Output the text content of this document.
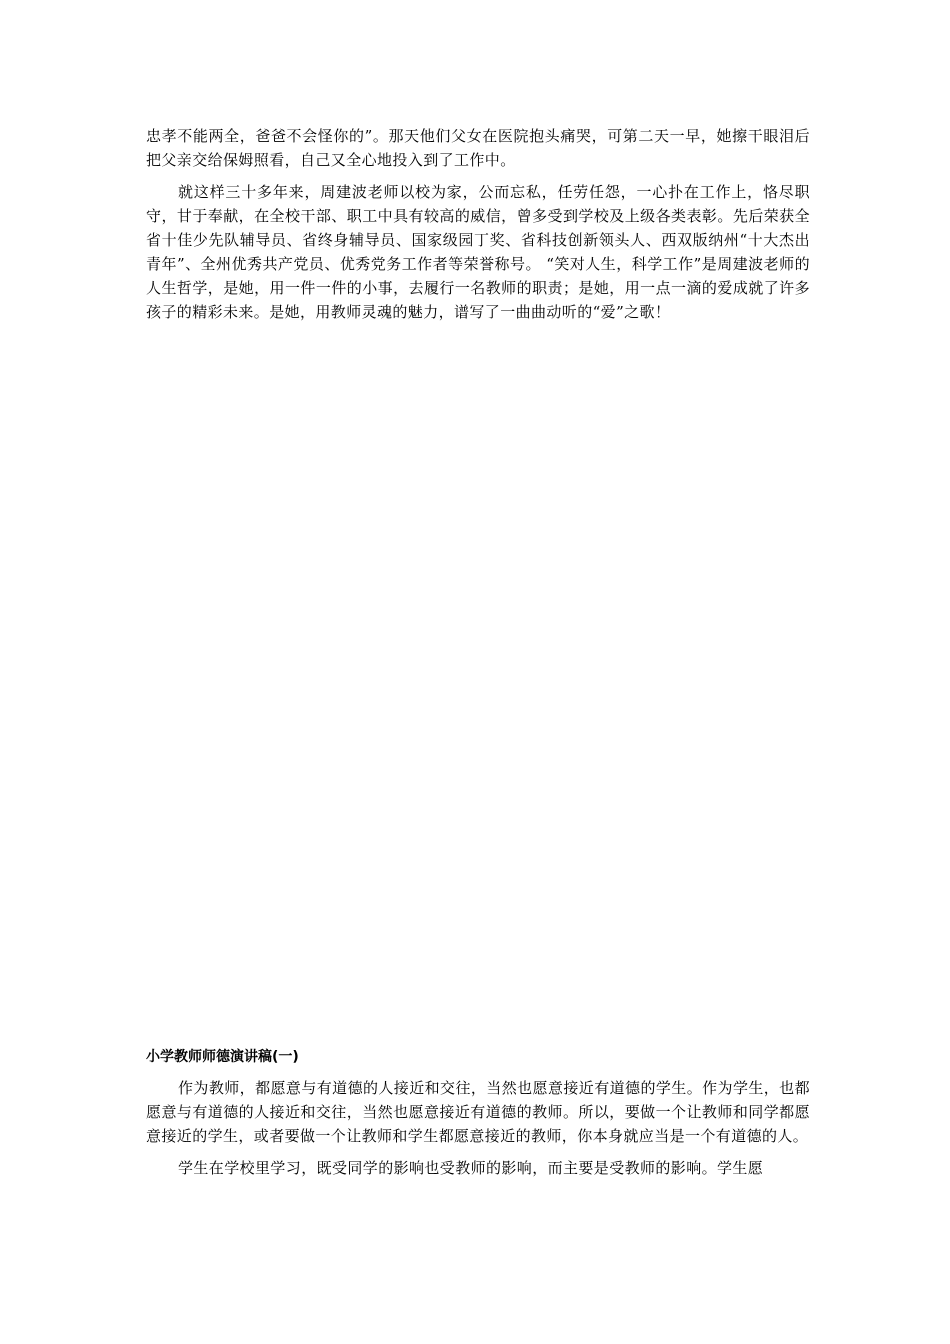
忠孝不能两全，爸爸不会怪你的”。那天他们父女在医院抱头痛哭，可第二天一早，她擦干眼泪后把父亲交给保姆照看，自己又全心地投入到了工作中。

就这样三十多年来，周建波老师以校为家，公而忘私，任劳任怨，一心扑在工作上，恪尽职守，甘于奉献，在全校干部、职工中具有较高的威信，曾多受到学校及上级各类表彰。先后荣获全省十佳少先队辅导员、省终身辅导员、国家级园丁奖、省科技创新领头人、西双版纳州“十大杰出青年”、全州优秀共产党员、优秀党务工作者等荣誉称号。 “笑对人生，科学工作”是周建波老师的人生哲学，是她，用一件一件的小事，去履行一名教师的职责；是她，用一点一滴的爱成就了许多孩子的精彩未来。是她，用教师灵魂的魅力，谱写了一曲曲动听的“爱”之歌！

小学教师师德演讲稿(一)

作为教师，都愿意与有道德的人接近和交往，当然也愿意接近有道德的学生。作为学生，也都愿意与有道德的人接近和交往，当然也愿意接近有道德的教师。所以，要做一个让教师和同学都愿意接近的学生，或者要做一个让教师和学生都愿意接近的教师，你本身就应当是一个有道德的人。

学生在学校里学习，既受同学的影响也受教师的影响，而主要是受教师的影响。学生愿
